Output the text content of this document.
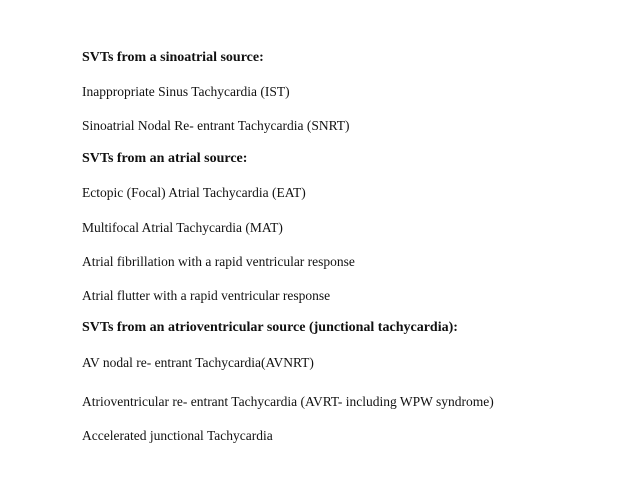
SVTs from a sinoatrial source:
Inappropriate Sinus Tachycardia (IST)
Sinoatrial Nodal Re- entrant Tachycardia (SNRT)
SVTs from an atrial source:
Ectopic (Focal) Atrial Tachycardia (EAT)
Multifocal Atrial Tachycardia (MAT)
Atrial fibrillation with a rapid ventricular response
Atrial flutter with a rapid ventricular response
SVTs from an atrioventricular source (junctional tachycardia):
AV nodal re- entrant Tachycardia(AVNRT)
Atrioventricular re- entrant Tachycardia (AVRT- including WPW syndrome)
Accelerated junctional Tachycardia
